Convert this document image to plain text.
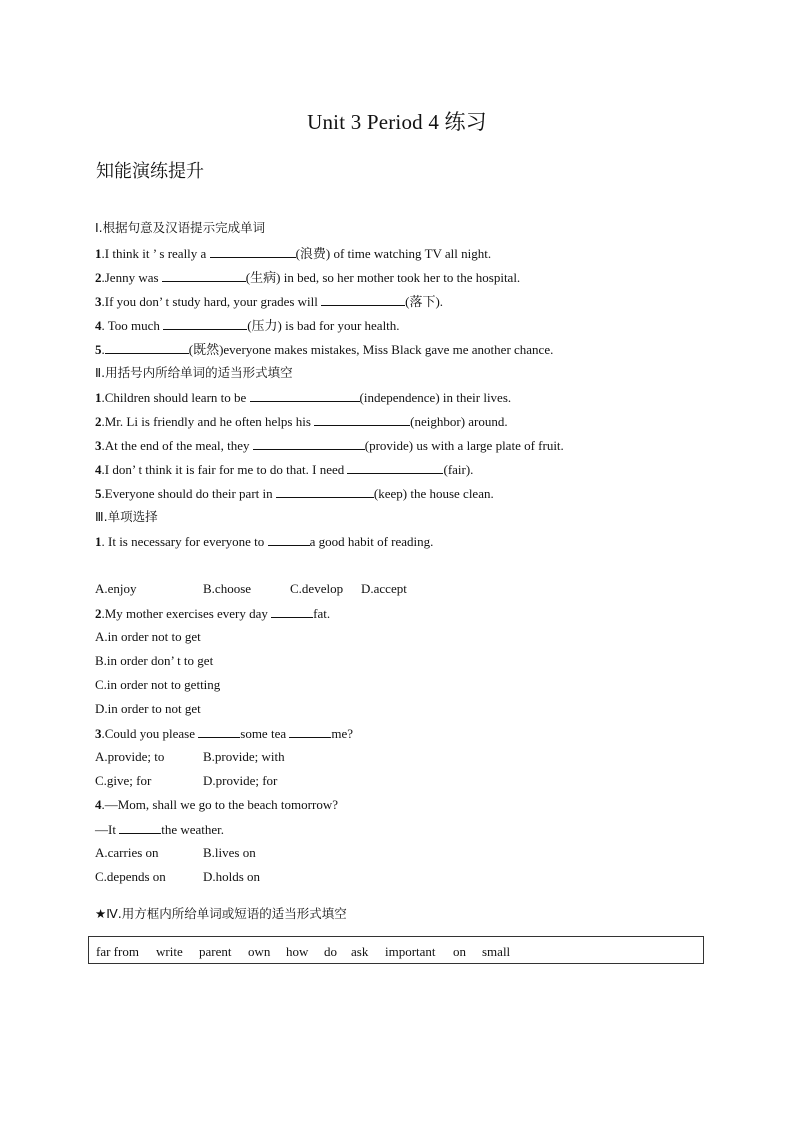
Unit 3 Period 4 练习
知能演练提升
Ⅰ.根据句意及汉语提示完成单词
1.I think it ’ s really a	(浪费) of time watching TV all night.
2.Jenny was	(生病) in bed, so her mother took her to the hospital.
3.If you don’ t study hard, your grades will	(落下).
4. Too much	(压力) is bad for your health.
5.	(既然)everyone makes mistakes, Miss Black gave me another chance.
Ⅱ.用括号内所给单词的适当形式填空
1.Children should learn to be	(independence) in their lives.
2.Mr. Li is friendly and he often helps his	(neighbor) around.
3.At the end of the meal, they	(provide) us with a large plate of fruit.
4.I don’ t think it is fair for me to do that. I need	(fair).
5.Everyone should do their part in	(keep) the house clean.
Ⅲ.单项选择
1. It is necessary for everyone to	a good habit of reading.
A.enjoy	B.choose	C.develop D.accept
2.My mother exercises every day	fat.
A.in order not to get
B.in order don’ t to get
C.in order not to getting
D.in order to not get
3.Could you please	some tea	me?
A.provide; to	B.provide; with
C.give; for	D.provide; for
4.—Mom, shall we go to the beach tomorrow?
—It	the weather.
A.carries on	B.lives on
C.depends on	D.holds on
★Ⅳ.用方框内所给单词或短语的适当形式填空
far from write parent own how do ask important on small
